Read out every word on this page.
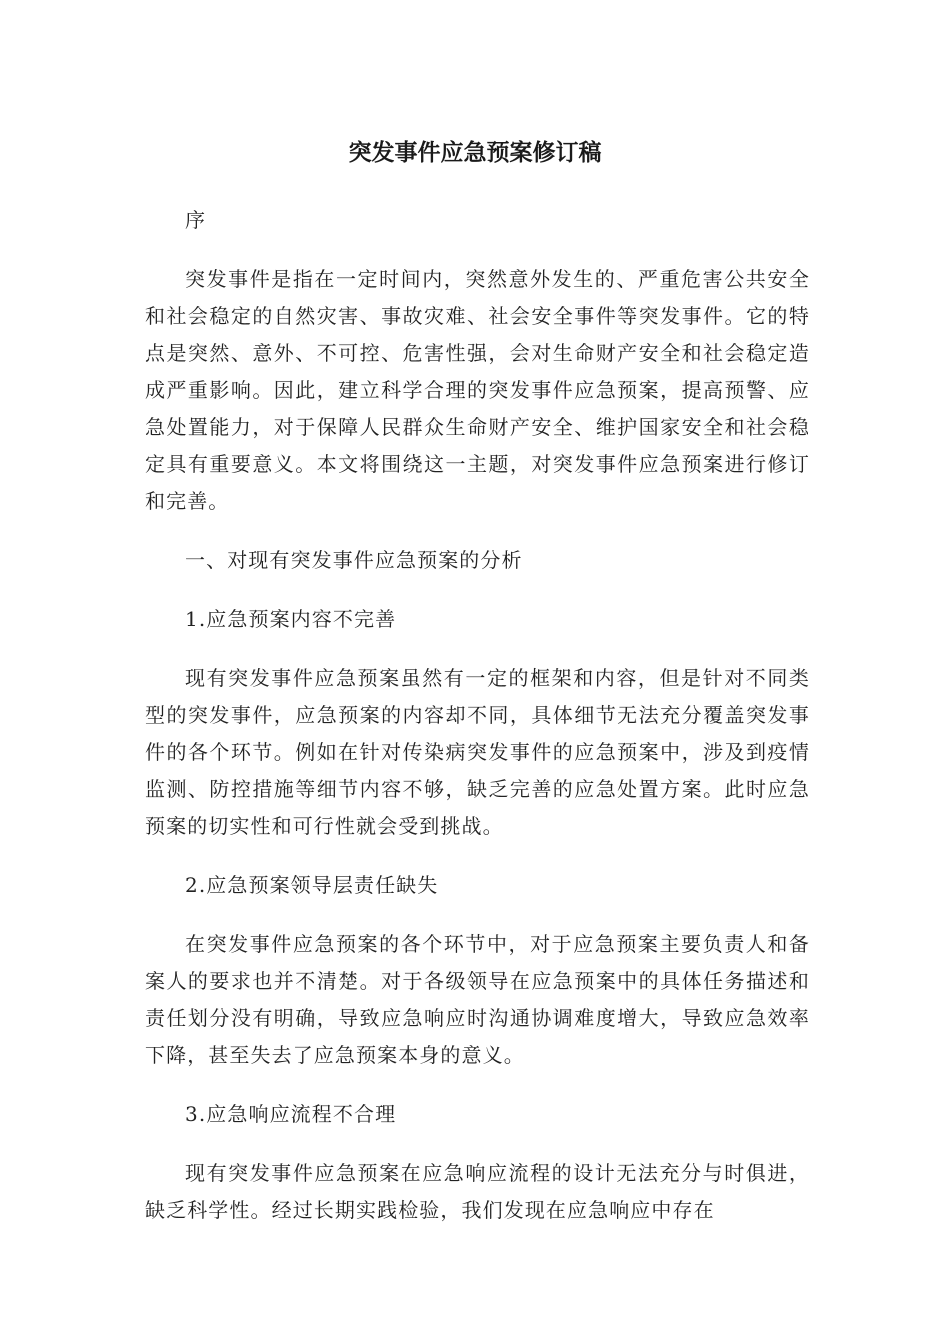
突发事件应急预案修订稿

序

突发事件是指在一定时间内，突然意外发生的、严重危害公共安全和社会稳定的自然灾害、事故灾难、社会安全事件等突发事件。它的特点是突然、意外、不可控、危害性强，会对生命财产安全和社会稳定造成严重影响。因此，建立科学合理的突发事件应急预案，提高预警、应急处置能力，对于保障人民群众生命财产安全、维护国家安全和社会稳定具有重要意义。本文将围绕这一主题，对突发事件应急预案进行修订和完善。

一、对现有突发事件应急预案的分析

1.应急预案内容不完善

现有突发事件应急预案虽然有一定的框架和内容，但是针对不同类型的突发事件，应急预案的内容却不同，具体细节无法充分覆盖突发事件的各个环节。例如在针对传染病突发事件的应急预案中，涉及到疫情监测、防控措施等细节内容不够，缺乏完善的应急处置方案。此时应急预案的切实性和可行性就会受到挑战。

2.应急预案领导层责任缺失

在突发事件应急预案的各个环节中，对于应急预案主要负责人和备案人的要求也并不清楚。对于各级领导在应急预案中的具体任务描述和责任划分没有明确，导致应急响应时沟通协调难度增大，导致应急效率下降，甚至失去了应急预案本身的意义。

3.应急响应流程不合理

现有突发事件应急预案在应急响应流程的设计无法充分与时俱进，缺乏科学性。经过长期实践检验，我们发现在应急响应中存在
